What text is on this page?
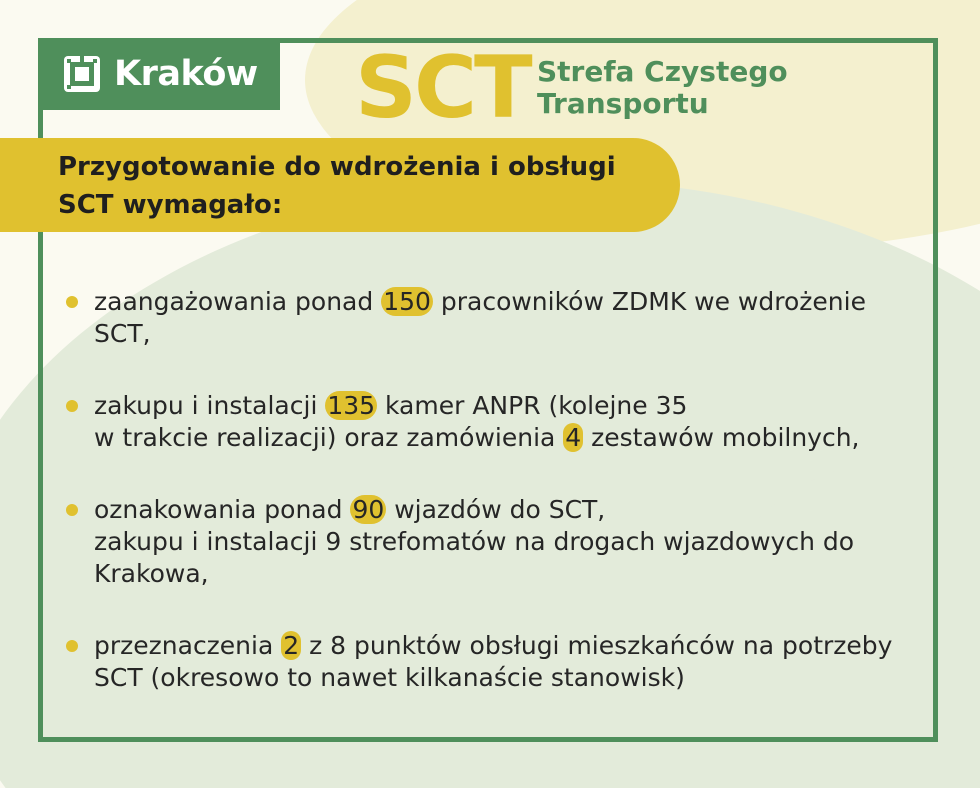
Kraków SCT Strefa Czystego
Transportu
Przygotowanie do wdrożenia i obsługi
SCT wymagało:
zaangażowania ponad 150 pracowników ZDMK we wdrożenie
SCT,
zakupu i instalacji 135 kamer ANPR (kolejne 35
w trakcie realizacji) oraz zamówienia 4 zestawów mobilnych,
oznakowania ponad 90 wjazdów do SCT,
zakupu i instalacji 9 strefomatów na drogach wjazdowych do
Krakowa,
przeznaczenia 2 z 8 punktów obsługi mieszkańców na potrzeby
SCT (okresowo to nawet kilkanaście stanowisk)
